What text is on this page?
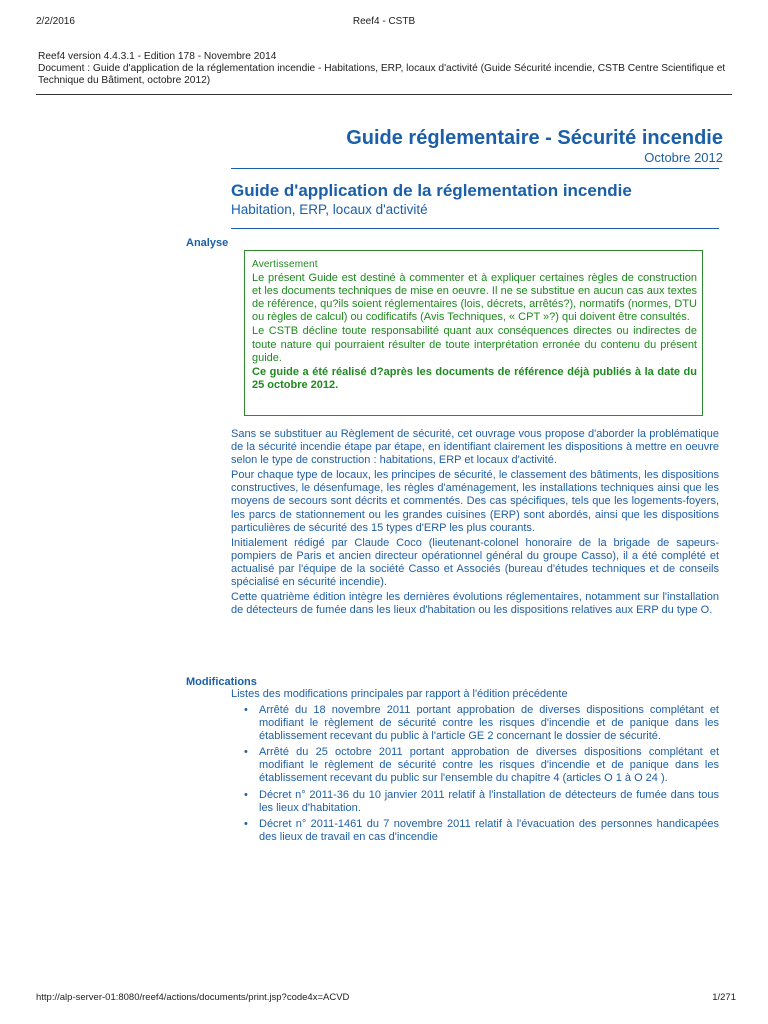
2/2/2016	Reef4 - CSTB
Reef4 version 4.4.3.1 - Edition 178 - Novembre 2014
Document : Guide d'application de la réglementation incendie - Habitations, ERP, locaux d'activité (Guide Sécurité incendie, CSTB Centre Scientifique et Technique du Bâtiment, octobre 2012)
Guide réglementaire - Sécurité incendie
Octobre 2012
Guide d'application de la réglementation incendie
Habitation, ERP, locaux d'activité
Analyse
Avertissement

Le présent Guide est destiné à commenter et à expliquer certaines règles de construction et les documents techniques de mise en oeuvre. Il ne se substitue en aucun cas aux textes de référence, qu?ils soient réglementaires (lois, décrets, arrêtés?), normatifs (normes, DTU ou règles de calcul) ou codificatifs (Avis Techniques, « CPT »?) qui doivent être consultés.

Le CSTB décline toute responsabilité quant aux conséquences directes ou indirectes de toute nature qui pourraient résulter de toute interprétation erronée du contenu du présent guide.

Ce guide a été réalisé d?après les documents de référence déjà publiés à la date du 25 octobre 2012.

Sans se substituer au Règlement de sécurité, cet ouvrage vous propose d'aborder la problématique de la sécurité incendie étape par étape, en identifiant clairement les dispositions à mettre en oeuvre selon le type de construction : habitations, ERP et locaux d'activité.

Pour chaque type de locaux, les principes de sécurité, le classement des bâtiments, les dispositions constructives, le désenfumage, les règles d'aménagement, les installations techniques ainsi que les moyens de secours sont décrits et commentés. Des cas spécifiques, tels que les logements-foyers, les parcs de stationnement ou les grandes cuisines (ERP) sont abordés, ainsi que les dispositions particulières de sécurité des 15 types d'ERP les plus courants.

Initialement rédigé par Claude Coco (lieutenant-colonel honoraire de la brigade de sapeurs-pompiers de Paris et ancien directeur opérationnel général du groupe Casso), il a été complété et actualisé par l'équipe de la société Casso et Associés (bureau d'études techniques et de conseils spécialisé en sécurité incendie).

Cette quatrième édition intègre les dernières évolutions réglementaires, notamment sur l'installation de détecteurs de fumée dans les lieux d'habitation ou les dispositions relatives aux ERP du type O.

Modifications
Listes des modifications principales par rapport à l'édition précédente
• Arrêté du 18 novembre 2011 portant approbation de diverses dispositions complétant et modifiant le règlement de sécurité contre les risques d'incendie et de panique dans les établissement recevant du public à l'article GE 2 concernant le dossier de sécurité.
• Arrêté du 25 octobre 2011 portant approbation de diverses dispositions complétant et modifiant le règlement de sécurité contre les risques d'incendie et de panique dans les établissement recevant du public sur l'ensemble du chapitre 4 (articles O 1 à O 24 ).
• Décret n° 2011-36 du 10 janvier 2011 relatif à l'installation de détecteurs de fumée dans tous les lieux d'habitation.
• Décret n° 2011-1461 du 7 novembre 2011 relatif à l'évacuation des personnes handicapées des lieux de travail en cas d'incendie
http://alp-server-01:8080/reef4/actions/documents/print.jsp?code4x=ACVD	1/271
